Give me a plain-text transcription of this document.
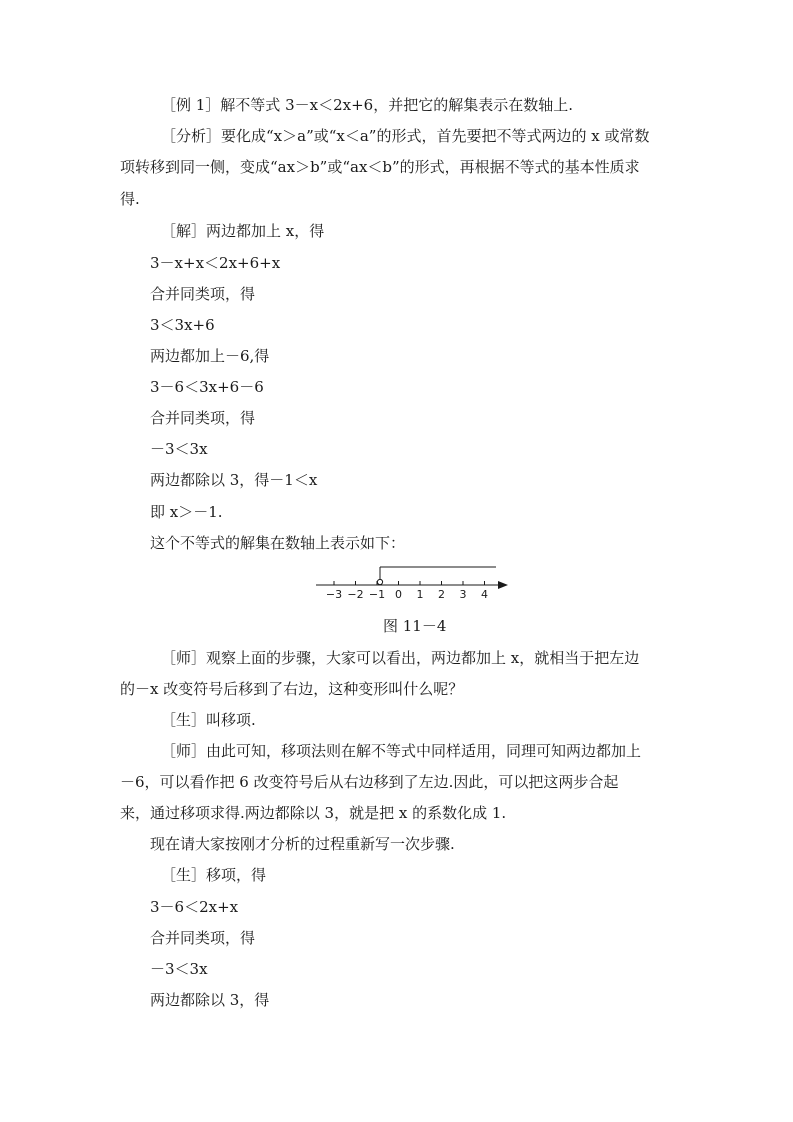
［例 1］解不等式 3－x＜2x+6，并把它的解集表示在数轴上.
［分析］要化成“x＞a”或“x＜a”的形式，首先要把不等式两边的 x 或常数
项转移到同一侧，变成“ax＞b”或“ax＜b”的形式，再根据不等式的基本性质求
得.
［解］两边都加上 x，得
3－x+x＜2x+6+x
合并同类项，得
3＜3x+6
两边都加上－6,得
3－6＜3x+6－6
合并同类项，得
－3＜3x
两边都除以 3，得－1＜x
即 x＞－1.
这个不等式的解集在数轴上表示如下：
−3 −2 −1 0 1 2 3 4
图 11－4
［师］观察上面的步骤，大家可以看出，两边都加上 x，就相当于把左边
的－x 改变符号后移到了右边，这种变形叫什么呢？
［生］叫移项.
［师］由此可知，移项法则在解不等式中同样适用，同理可知两边都加上
－6，可以看作把 6 改变符号后从右边移到了左边.因此，可以把这两步合起
来，通过移项求得.两边都除以 3，就是把 x 的系数化成 1.
现在请大家按刚才分析的过程重新写一次步骤.
［生］移项，得
3－6＜2x+x
合并同类项，得
－3＜3x
两边都除以 3，得
